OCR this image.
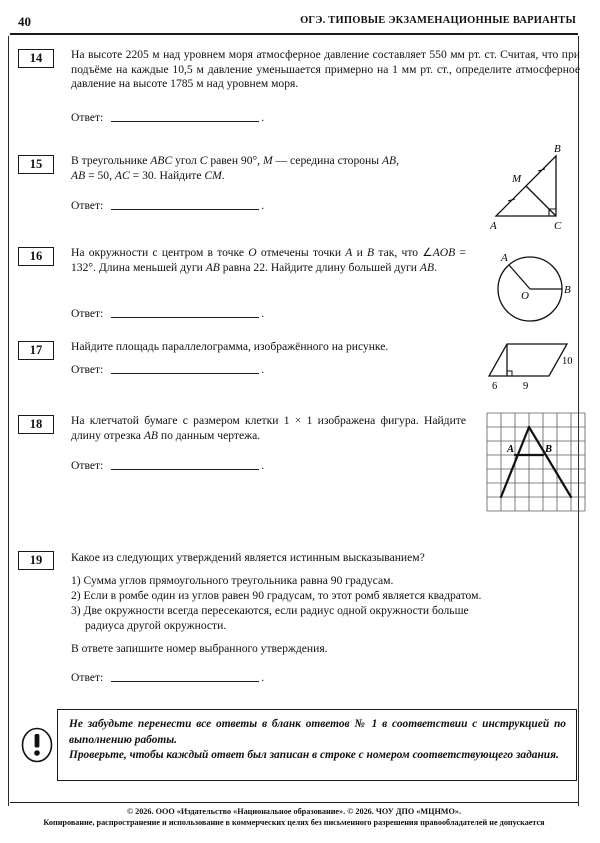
40	ОГЭ. ТИПОВЫЕ ЭКЗАМЕНАЦИОННЫЕ ВАРИАНТЫ
14	На высоте 2205 м над уровнем моря атмосферное давление составляет 550 мм рт. ст. Считая, что при подъёме на каждые 10,5 м давление уменьшается примерно на 1 мм рт. ст., определите атмосферное давление на высоте 1785 м над уровнем моря.
Ответ:	.
15	В треугольнике ABC угол C равен 90°, M — середина стороны AB,
AB = 50, AC = 30. Найдите CM.
Ответ:	.
A	C
B
M
16	На окружности с центром в точке O отмечены точки A и B так, что ∠AOB = 132°. Длина меньшей дуги AB равна 22. Найдите длину большей дуги AB.
Ответ:	.
A
B
O
17	Найдите площадь параллелограмма, изображённого на рисунке.
Ответ:	.
6 9
10
18	На клетчатой бумаге с размером клетки 1 × 1 изображена фигура. Найдите длину отрезка AB по данным чертежа.
Ответ:	.
A	B
19	Какое из следующих утверждений является истинным высказыванием?
1) Сумма углов прямоугольного треугольника равна 90 градусам.
2) Если в ромбе один из углов равен 90 градусам, то этот ромб является квадратом.
3) Две окружности всегда пересекаются, если радиус одной окружности больше
радиуса другой окружности.
В ответе запишите номер выбранного утверждения.
Ответ:	.

Не забудьте перенести все ответы в бланк ответов № 1 в соответствии с инструкцией по выполнению работы.

Проверьте, чтобы каждый ответ был записан в строке с номером соответствующего задания.

© 2026. ООО «Издательство «Национальное образование». © 2026. ЧОУ ДПО «МЦНМО».
Копирование, распространение и использование в коммерческих целях без письменного разрешения правообладателей не допускается
